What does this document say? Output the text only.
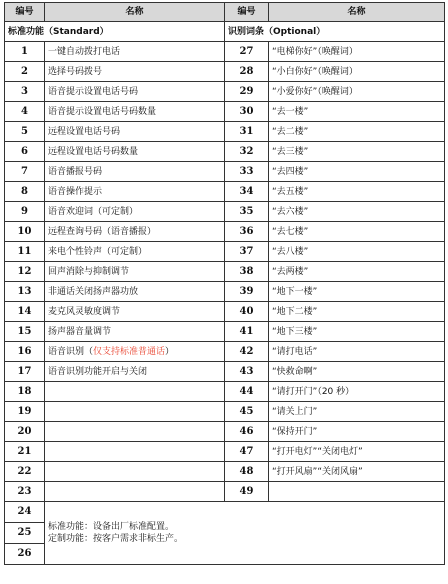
编号	名称	编号	名称
标准功能（Standard）		识别词条（Optional）	
1	一键自动拨打电话	27	“电梯你好”（唤醒词）
2	选择号码拨号	28	“小白你好”（唤醒词）
3	语音提示设置电话号码	29	“小爱你好”（唤醒词）
4	语音提示设置电话号码数量	30	“去一楼”
5	远程设置电话号码	31	“去二楼”
6	远程设置电话号码数量	32	“去三楼”
7	语音播报号码	33	“去四楼”
8	语音操作提示	34	“去五楼”
9	语音欢迎词（可定制）	35	“去六楼”
10	远程查询号码（语音播报）	36	“去七楼”
11	来电个性铃声（可定制）	37	“去八楼”
12	回声消除与抑制调节	38	“去两楼”
13	非通话关闭扬声器功放	39	“地下一楼”
14	麦克风灵敏度调节	40	“地下二楼”
15	扬声器音量调节	41	“地下三楼”
16	语音识别（仅支持标准普通话）	42	“请打电话”
17	语音识别功能开启与关闭	43	“快救命啊”
18		44	“请打开门”（20 秒）
19		45	“请关上门”
20		46	“保持开门”
21		47	“打开电灯”“关闭电灯”
22		48	“打开风扇”“关闭风扇”
23		49	
24	标准功能：设备出厂标准配置。
定制功能：按客户需求非标生产。		

25			
26			
